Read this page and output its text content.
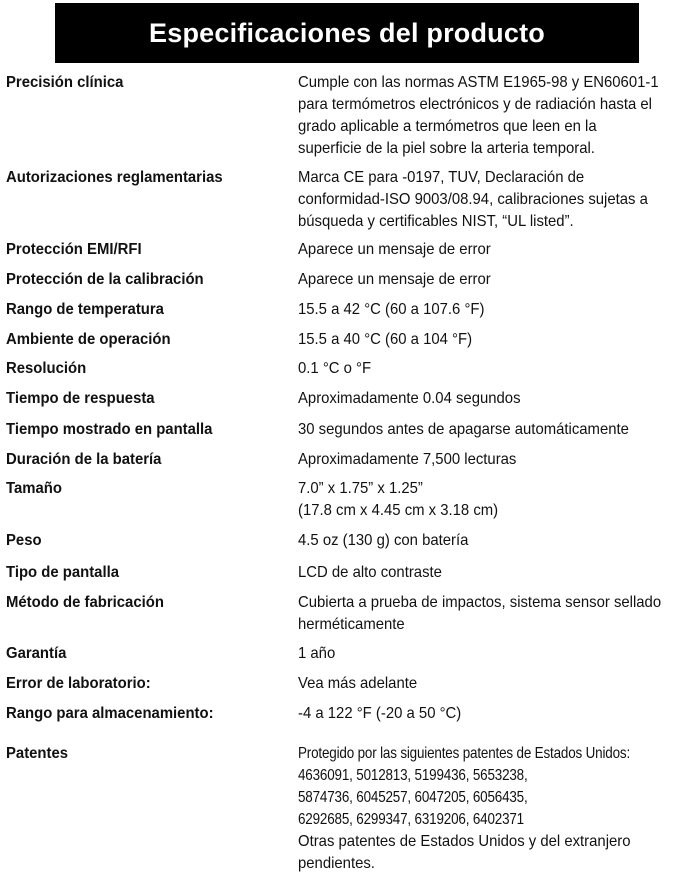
Especificaciones del producto
Precisión clínica	Cumple con las normas ASTM E1965-98 y EN60601-1
para termómetros electrónicos y de radiación hasta el
grado aplicable a termómetros que leen en la
superficie de la piel sobre la arteria temporal.
Autorizaciones reglamentarias	Marca CE para -0197, TUV, Declaración de
conformidad-ISO 9003/08.94, calibraciones sujetas a
búsqueda y certificables NIST, “UL listed”.
Protección EMI/RFI	Aparece un mensaje de error
Protección de la calibración	Aparece un mensaje de error
Rango de temperatura	15.5 a 42 °C (60 a 107.6 °F)
Ambiente de operación	15.5 a 40 °C (60 a 104 °F)
Resolución	0.1 °C o °F
Tiempo de respuesta	Aproximadamente 0.04 segundos
Tiempo mostrado en pantalla	30 segundos antes de apagarse automáticamente
Duración de la batería	Aproximadamente 7,500 lecturas
Tamaño	7.0” x 1.75” x 1.25”
(17.8 cm x 4.45 cm x 3.18 cm)
Peso	4.5 oz (130 g) con batería
Tipo de pantalla	LCD de alto contraste
Método de fabricación	Cubierta a prueba de impactos, sistema sensor sellado
herméticamente
Garantía	1 año
Error de laboratorio:	Vea más adelante
Rango para almacenamiento:	-4 a 122 °F (-20 a 50 °C)
Patentes	Protegido por las siguientes patentes de Estados Unidos:
4636091, 5012813, 5199436, 5653238,
5874736, 6045257, 6047205, 6056435,
6292685, 6299347, 6319206, 6402371
Otras patentes de Estados Unidos y del extranjero
pendientes.
